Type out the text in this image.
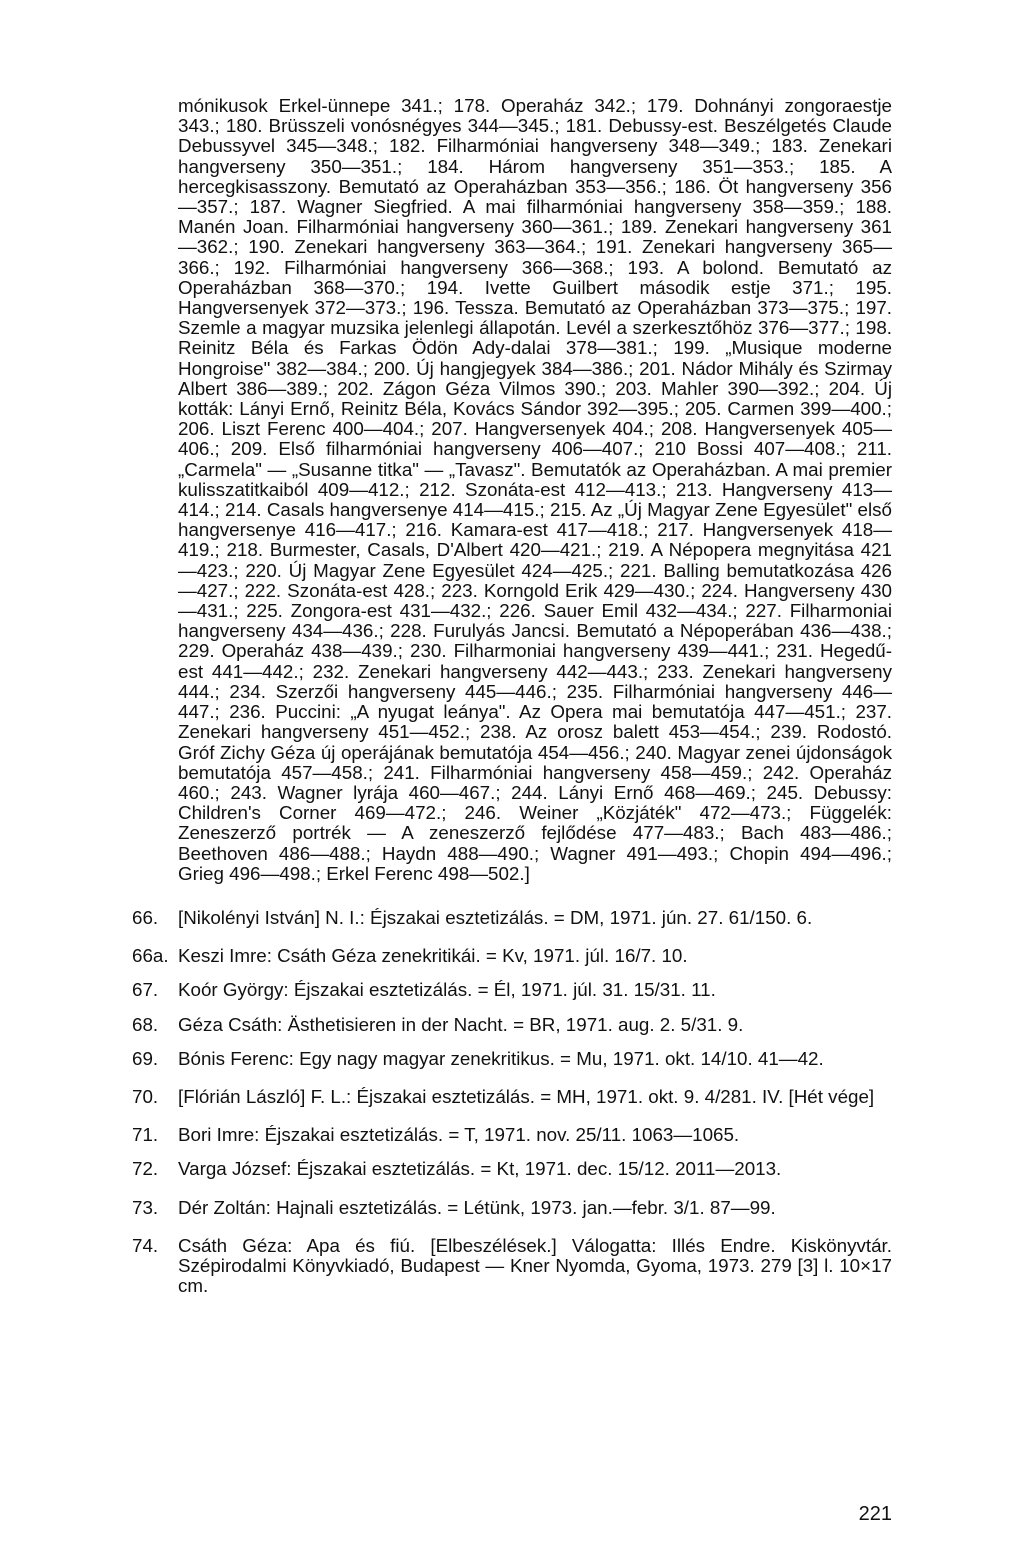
mónikusok Erkel-ünnepe 341.; 178. Operaház 342.; 179. Dohnányi zongoraestje 343.; 180. Brüsszeli vonósnégyes 344—345.; 181. Debussy-est. Beszélgetés Claude Debussyvel 345—348.; 182. Filharmóniai hangverseny 348—349.; 183. Zenekari hangverseny 350—351.; 184. Három hangverseny 351—353.; 185. A hercegkisasszony. Bemutató az Operaházban 353—356.; 186. Öt hangverseny 356—357.; 187. Wagner Siegfried. A mai filharmóniai hangverseny 358—359.; 188. Manén Joan. Filharmóniai hangverseny 360—361.; 189. Zenekari hangverseny 361—362.; 190. Zenekari hangverseny 363—364.; 191. Zenekari hangverseny 365—366.; 192. Filharmóniai hangverseny 366—368.; 193. A bolond. Bemutató az Operaházban 368—370.; 194. Ivette Guilbert második estje 371.; 195. Hangversenyek 372—373.; 196. Tessza. Bemutató az Operaházban 373—375.; 197. Szemle a magyar muzsika jelenlegi állapotán. Levél a szerkesztőhöz 376—377.; 198. Reinitz Béla és Farkas Ödön Ady-dalai 378—381.; 199. „Musique moderne Hongroise" 382—384.; 200. Új hangjegyek 384—386.; 201. Nádor Mihály és Szirmay Albert 386—389.; 202. Zágon Géza Vilmos 390.; 203. Mahler 390—392.; 204. Új kották: Lányi Ernő, Reinitz Béla, Kovács Sándor 392—395.; 205. Carmen 399—400.; 206. Liszt Ferenc 400—404.; 207. Hangversenyek 404.; 208. Hangversenyek 405—406.; 209. Első filharmóniai hangverseny 406—407.; 210 Bossi 407—408.; 211. „Carmela" — „Susanne titka" — „Tavasz". Bemutatók az Operaházban. A mai premier kulisszatitkaiból 409—412.; 212. Szonáta-est 412—413.; 213. Hangverseny 413—414.; 214. Casals hangversenye 414—415.; 215. Az „Új Magyar Zene Egyesület" első hangversenye 416—417.; 216. Kamara-est 417—418.; 217. Hangversenyek 418—419.; 218. Burmester, Casals, D'Albert 420—421.; 219. A Népopera megnyitása 421—423.; 220. Új Magyar Zene Egyesület 424—425.; 221. Balling bemutatkozása 426—427.; 222. Szonáta-est 428.; 223. Korngold Erik 429—430.; 224. Hangverseny 430—431.; 225. Zongora-est 431—432.; 226. Sauer Emil 432—434.; 227. Filharmoniai hangverseny 434—436.; 228. Furulyás Jancsi. Bemutató a Népoperában 436—438.; 229. Operaház 438—439.; 230. Filharmoniai hangverseny 439—441.; 231. Hegedű-est 441—442.; 232. Zenekari hangverseny 442—443.; 233. Zenekari hangverseny 444.; 234. Szerzői hangverseny 445—446.; 235. Filharmóniai hangverseny 446—447.; 236. Puccini: „A nyugat leánya". Az Opera mai bemutatója 447—451.; 237. Zenekari hangverseny 451—452.; 238. Az orosz balett 453—454.; 239. Rodostó. Gróf Zichy Géza új operájának bemutatója 454—456.; 240. Magyar zenei újdonságok bemutatója 457—458.; 241. Filharmóniai hangverseny 458—459.; 242. Operaház 460.; 243. Wagner lyrája 460—467.; 244. Lányi Ernő 468—469.; 245. Debussy: Children's Corner 469—472.; 246. Weiner „Közjáték" 472—473.; Függelék: Zeneszerző portrék — A zeneszerző fejlődése 477—483.; Bach 483—486.; Beethoven 486—488.; Haydn 488—490.; Wagner 491—493.; Chopin 494—496.; Grieg 496—498.; Erkel Ferenc 498—502.]

66.	[Nikolényi István] N. I.: Éjszakai esztetizálás. = DM, 1971. jún. 27. 61/150. 6.
66a. Keszi Imre: Csáth Géza zenekritikái. = Kv, 1971. júl. 16/7. 10.
67.	Koór György: Éjszakai esztetizálás. = Él, 1971. júl. 31. 15/31. 11.
68.	Géza Csáth: Ästhetisieren in der Nacht. = BR, 1971. aug. 2. 5/31. 9.
69.	Bónis Ferenc: Egy nagy magyar zenekritikus. = Mu, 1971. okt. 14/10. 41—42.
70.	[Flórián László] F. L.: Éjszakai esztetizálás. = MH, 1971. okt. 9. 4/281. IV. [Hét vége]
71.	Bori Imre: Éjszakai esztetizálás. = T, 1971. nov. 25/11. 1063—1065.
72.	Varga József: Éjszakai esztetizálás. = Kt, 1971. dec. 15/12. 2011—2013.
73.	Dér Zoltán: Hajnali esztetizálás. = Létünk, 1973. jan.—febr. 3/1. 87—99.
74.	Csáth Géza: Apa és fiú. [Elbeszélések.] Válogatta: Illés Endre. Kiskönyvtár. Szépirodalmi Könyvkiadó, Budapest — Kner Nyomda, Gyoma, 1973. 279 [3] l. 10×17 cm.
221
